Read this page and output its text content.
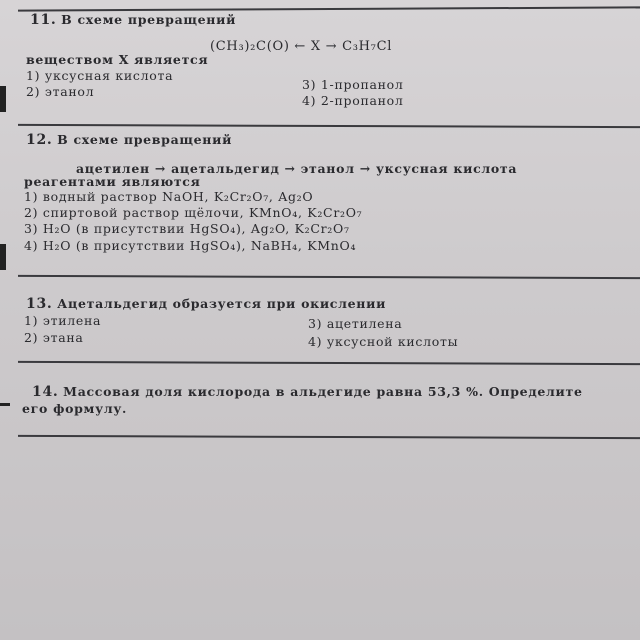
11. В схеме превращений
(CH₃)₂C(O) ← X → C₃H₇Cl
веществом X является
1) уксусная кислота
2) этанол	3) 1-пропанол
4) 2-пропанол
12. В схеме превращений
ацетилен → ацетальдегид → этанол → уксусная кислота
реагентами являются
1) водный раствор NaOH, K₂Cr₂O₇, Ag₂O
2) спиртовой раствор щёлочи, KMnO₄, K₂Cr₂O₇
3) H₂O (в присутствии HgSO₄), Ag₂O, K₂Cr₂O₇
4) H₂O (в присутствии HgSO₄), NaBH₄, KMnO₄
13. Ацетальдегид образуется при окислении
1) этилена
2) этана
3) ацетилена
4) уксусной кислоты
14. Массовая доля кислорода в альдегиде равна 53,3 %. Определите
его формулу.
